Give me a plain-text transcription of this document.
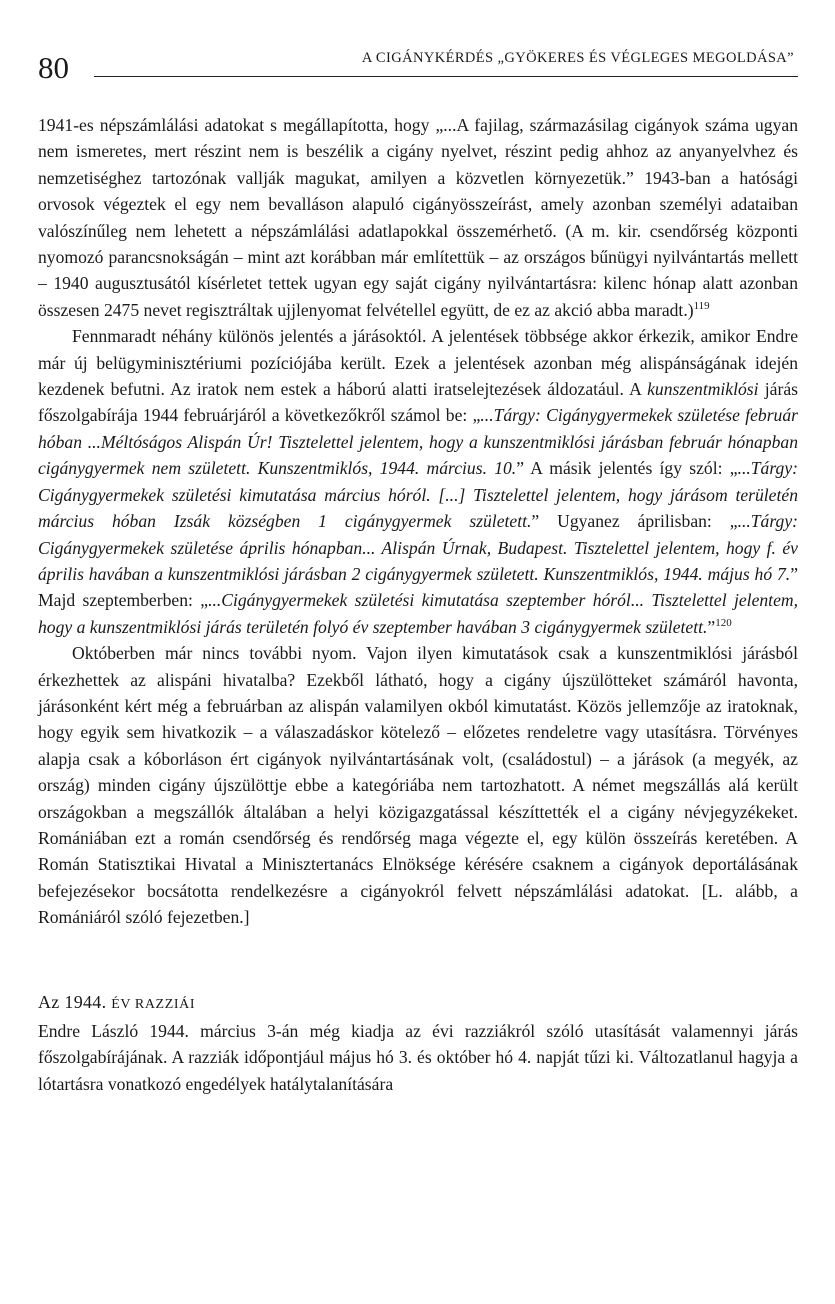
80	A CIGÁNYKÉRDÉS „GYÖKERES ÉS VÉGLEGES MEGOLDÁSA”

1941-es népszámlálási adatokat s megállapította, hogy „...A fajilag, származásilag cigányok száma ugyan nem ismeretes, mert részint nem is beszélik a cigány nyelvet, részint pedig ahhoz az anyanyelvhez és nemzetiséghez tartozónak vallják magukat, amilyen a közvetlen környezetük.” 1943-ban a hatósági orvosok végeztek el egy nem bevalláson alapuló cigányösszeírást, amely azonban személyi adataiban valószínűleg nem lehetett a népszámlálási adatlapokkal összemérhető. (A m. kir. csendőrség központi nyomozó parancsnokságán – mint azt korábban már említettük – az országos bűnügyi nyilvántartás mellett – 1940 augusztusától kísérletet tettek ugyan egy saját cigány nyilvántartásra: kilenc hónap alatt azonban összesen 2475 nevet regisztráltak ujjlenyomat felvétellel együtt, de ez az akció abba maradt.)$^{119}$

Fennmaradt néhány különös jelentés a járásoktól. A jelentések többsége akkor érkezik, amikor Endre már új belügyminisztériumi pozíciójába került. Ezek a jelentések azonban még alispánságának idején kezdenek befutni. Az iratok nem estek a háború alatti iratselejtezések áldozatául. A kunszentmiklósi járás főszolgabírája 1944 februárjáról a következőkről számol be: „...Tárgy: Cigánygyermekek születése február hóban ...Méltóságos Alispán Úr! Tisztelettel jelentem, hogy a kunszentmiklósi járásban február hónapban cigánygyermek nem született. Kunszentmiklós, 1944. március. 10.” A másik jelentés így szól: „...Tárgy: Cigánygyermekek születési kimutatása március hóról. [...] Tisztelettel jelentem, hogy járásom területén március hóban Izsák községben 1 cigánygyermek született.” Ugyanez áprilisban: „...Tárgy: Cigánygyermekek születése április hónapban... Alispán Úrnak, Budapest. Tisztelettel jelentem, hogy f. év április havában a kunszentmiklósi járásban 2 cigánygyermek született. Kunszentmiklós, 1944. május hó 7.” Majd szeptemberben: „...Cigánygyermekek születési kimutatása szeptember hóról... Tisztelettel jelentem, hogy a kunszentmiklósi járás területén folyó év szeptember havában 3 cigánygyermek született.”$^{120}$

Októberben már nincs további nyom. Vajon ilyen kimutatások csak a kunszentmiklósi járásból érkezhettek az alispáni hivatalba? Ezekből látható, hogy a cigány újszülötteket számáról havonta, járásonként kért még a februárban az alispán valamilyen okból kimutatást. Közös jellemzője az iratoknak, hogy egyik sem hivatkozik – a válaszadáskor kötelező – előzetes rendeletre vagy utasításra. Törvényes alapja csak a kóborláson ért cigányok nyilvántartásának volt, (családostul) – a járások (a megyék, az ország) minden cigány újszülöttje ebbe a kategóriába nem tartozhatott. A német megszállás alá került országokban a megszállók általában a helyi közigazgatással készíttették el a cigány névjegyzékeket. Romániában ezt a román csendőrség és rendőrség maga végezte el, egy külön összeírás keretében. A Román Statisztikai Hivatal a Minisztertanács Elnöksége kérésére csaknem a cigányok deportálásának befejezésekor bocsátotta rendelkezésre a cigányokról felvett népszámlálási adatokat. [L. alább, a Romániáról szóló fejezetben.]

Az 1944. ÉV RAZZIÁI

Endre László 1944. március 3-án még kiadja az évi razziákról szóló utasítását valamennyi járás főszolgabírájának. A razziák időpontjául május hó 3. és október hó 4. napját tűzi ki. Változatlanul hagyja a lótartásra vonatkozó engedélyek hatálytalanítására
